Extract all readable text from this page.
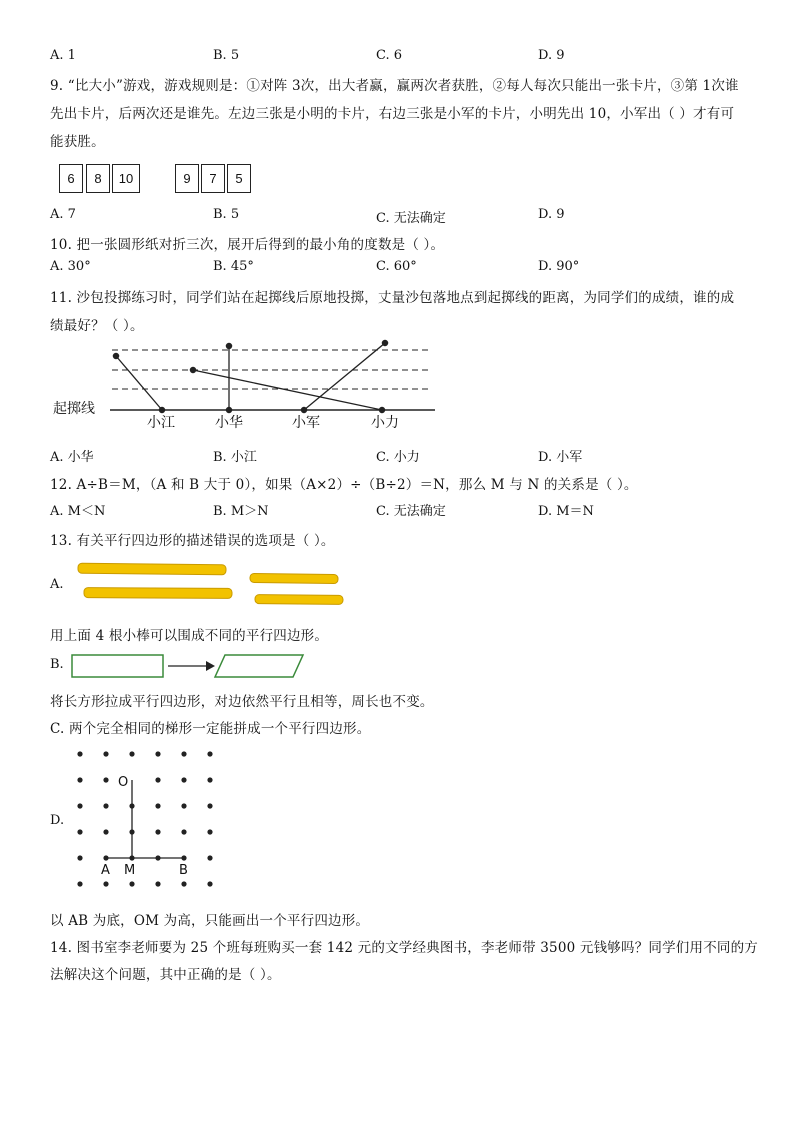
A. 1	B. 5	C. 6	D. 9
9. “比大小”游戏，游戏规则是：①对阵 3次，出大者赢，赢两次者获胜，②每人每次只能出一张卡片，③第 1次谁
先出卡片，后两次还是谁先。左边三张是小明的卡片，右边三张是小军的卡片，小明先出 10，小军出（ ）才有可
能获胜。
6	8	10	9	7	5
A. 7	B. 5	C. 无法确定	D. 9
10. 把一张圆形纸对折三次，展开后得到的最小角的度数是（ ）。
A. 30°	B. 45°	C. 60°	D. 90°
11. 沙包投掷练习时，同学们站在起掷线后原地投掷，丈量沙包落地点到起掷线的距离，为同学们的成绩，谁的成
绩最好？（ ）。
起掷线
小江	小华	小军	小力
A. 小华	B. 小江	C. 小力	D. 小军
12. A÷B＝M，（A 和 B 大于 0），如果（A×2）÷（B÷2）＝N，那么 M 与 N 的关系是（ ）。
A. M＜N	B. M＞N	C. 无法确定	D. M＝N
13. 有关平行四边形的描述错误的选项是（ ）。
A.
用上面 4 根小棒可以围成不同的平行四边形。
B.
将长方形拉成平行四边形，对边依然平行且相等，周长也不变。
C. 两个完全相同的梯形一定能拼成一个平行四边形。
D.
O
A M	B
以 AB 为底，OM 为高，只能画出一个平行四边形。
14. 图书室李老师要为 25 个班每班购买一套 142 元的文学经典图书，李老师带 3500 元钱够吗？同学们用不同的方
法解决这个问题，其中正确的是（ ）。
